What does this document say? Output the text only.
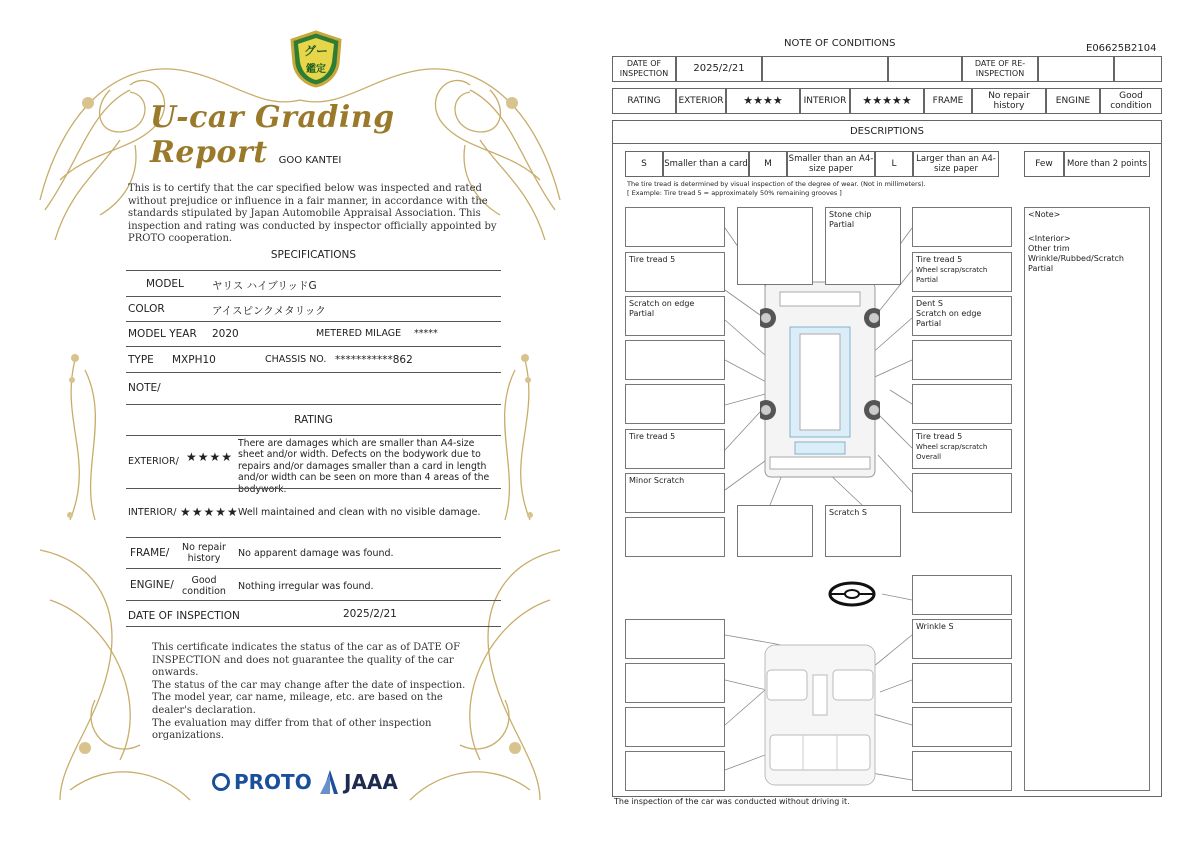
グー
鑑定
U-car Grading Report	GOO KANTEI
This is to certify that the car specified below was inspected and rated without prejudice or influence in a fair manner, in accordance with the standards stipulated by Japan Automobile Appraisal Association. This inspection and rating was conducted by inspector officially appointed by PROTO cooperation.
SPECIFICATIONS
MODEL	ヤリス ハイブリッドG
COLOR	アイスピンクメタリック
MODEL YEAR 2020	METERED MILAGE *****
TYPE MXPH10	CHASSIS NO. ***********862
NOTE/
RATING
EXTERIOR/ ★★★★
There are damages which are smaller than A4-size sheet and/or width. Defects on the bodywork due to repairs and/or damages smaller than a card in length and/or width can be seen on more than 4 areas of the bodywork.
INTERIOR/ ★★★★★ Well maintained and clean with no visible damage.
FRAME/	No repair history	No apparent damage was found.
ENGINE/	Good condition	Nothing irregular was found.
DATE OF INSPECTION	2025/2/21
This certificate indicates the status of the car as of DATE OF INSPECTION and does not guarantee the quality of the car onwards.
The status of the car may change after the date of inspection.
The model year, car name, mileage, etc. are based on the dealer's declaration.
The evaluation may differ from that of other inspection organizations.
PROTO JAAA
NOTE OF CONDITIONS	E06625B2104
DATE OF INSPECTION	2025/2/21	DATE OF RE-INSPECTION
RATING	EXTERIOR	★★★★	INTERIOR	★★★★★	FRAME	No repair history	ENGINE	Good condition
DESCRIPTIONS
S	Smaller than a card	M	Smaller than an A4-size paper	L	Larger than an A4-size paper	Few	More than 2 points
The tire tread is determined by visual inspection of the degree of wear. (Not in millimeters).
[ Example: Tire tread 5 = approximately 50% remaining grooves ]
Tire tread 5
Scratch on edge Partial
Tire tread 5
Minor Scratch
Stone chip Partial
Scratch S
Tire tread 5
Wheel scrap/scratch Partial
Dent S
Scratch on edge Partial
Tire tread 5
Wheel scrap/scratch Overall
Wrinkle S
<Note>
<Interior>
Other trim Wrinkle/Rubbed/Scratch Partial
The inspection of the car was conducted without driving it.
